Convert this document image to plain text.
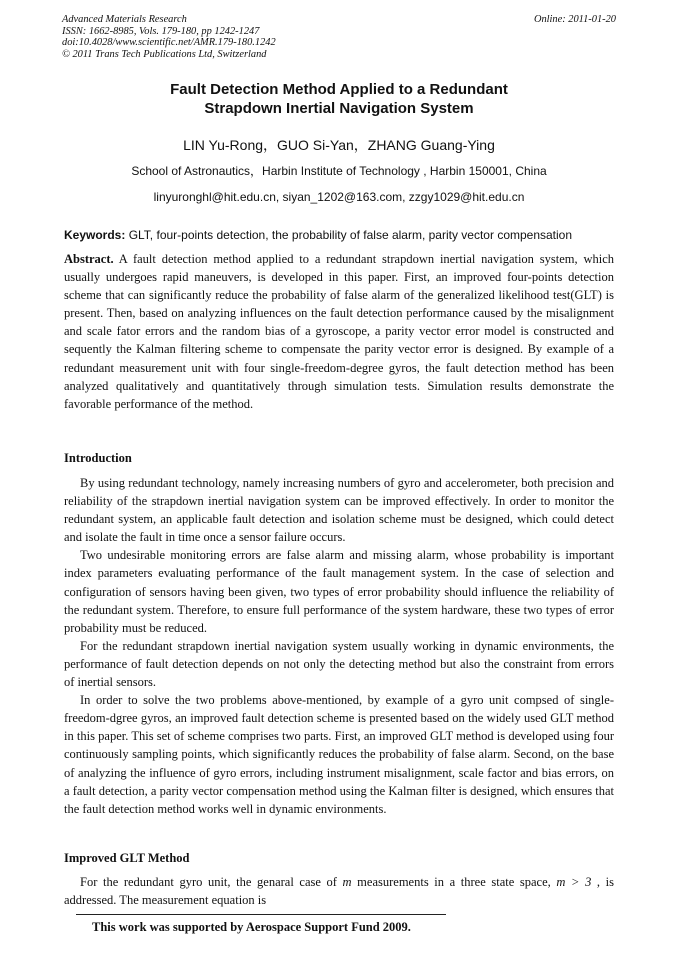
Advanced Materials Research
ISSN: 1662-8985, Vols. 179-180, pp 1242-1247
doi:10.4028/www.scientific.net/AMR.179-180.1242
© 2011 Trans Tech Publications Ltd, Switzerland
Online: 2011-01-20
Fault Detection Method Applied to a Redundant
Strapdown Inertial Navigation System
LIN Yu-Rong，GUO Si-Yan，ZHANG Guang-Ying
School of Astronautics，Harbin Institute of Technology , Harbin 150001, China
linyuronghl@hit.edu.cn, siyan_1202@163.com, zzgy1029@hit.edu.cn
Keywords: GLT, four-points detection, the probability of false alarm, parity vector compensation

Abstract. A fault detection method applied to a redundant strapdown inertial navigation system, which usually undergoes rapid maneuvers, is developed in this paper. First, an improved four-points detection scheme that can significantly reduce the probability of false alarm of the generalized likelihood test(GLT) is present. Then, based on analyzing influences on the fault detection performance caused by the misalignment and scale fator errors and the random bias of a gyroscope, a parity vector error model is constructed and sequently the Kalman filtering scheme to compensate the parity vector error is designed. By example of a redundant measurement unit with four single-freedom-degree gyros, the fault detection method has been analyzed qualitatively and quantitatively through simulation tests. Simulation results demonstrate the favorable performance of the method.

Introduction

By using redundant technology, namely increasing numbers of gyro and accelerometer, both precision and reliability of the strapdown inertial navigation system can be improved effectively. In order to monitor the redundant system, an applicable fault detection and isolation scheme must be designed, which could detect and isolate the fault in time once a sensor failure occurs.

Two undesirable monitoring errors are false alarm and missing alarm, whose probability is important index parameters evaluating performance of the fault management system. In the case of selection and configuration of sensors having been given, two types of error probability should influence the reliability of the redundant system. Therefore, to ensure full performance of the system hardware, these two types of error probability must be reduced.

For the redundant strapdown inertial navigation system usually working in dynamic environments, the performance of fault detection depends on not only the detecting method but also the constraint from errors of inertial sensors.

In order to solve the two problems above-mentioned, by example of a gyro unit compsed of single- freedom-dgree gyros, an improved fault detection scheme is presented based on the widely used GLT method in this paper. This set of scheme comprises two parts. First, an improved GLT method is developed using four continuously sampling points, which significantly reduces the probability of false alarm. Second, on the base of analyzing the influence of gyro errors, including instrument misalignment, scale factor and bias errors, on a fault detection, a parity vector compensation method using the Kalman filter is designed, which ensures that the fault detection method works well in dynamic environments.

Improved GLT Method

For the redundant gyro unit, the genaral case of m measurements in a three state space, m > 3 , is addressed. The measurement equation is

This work was supported by Aerospace Support Fund 2009.
